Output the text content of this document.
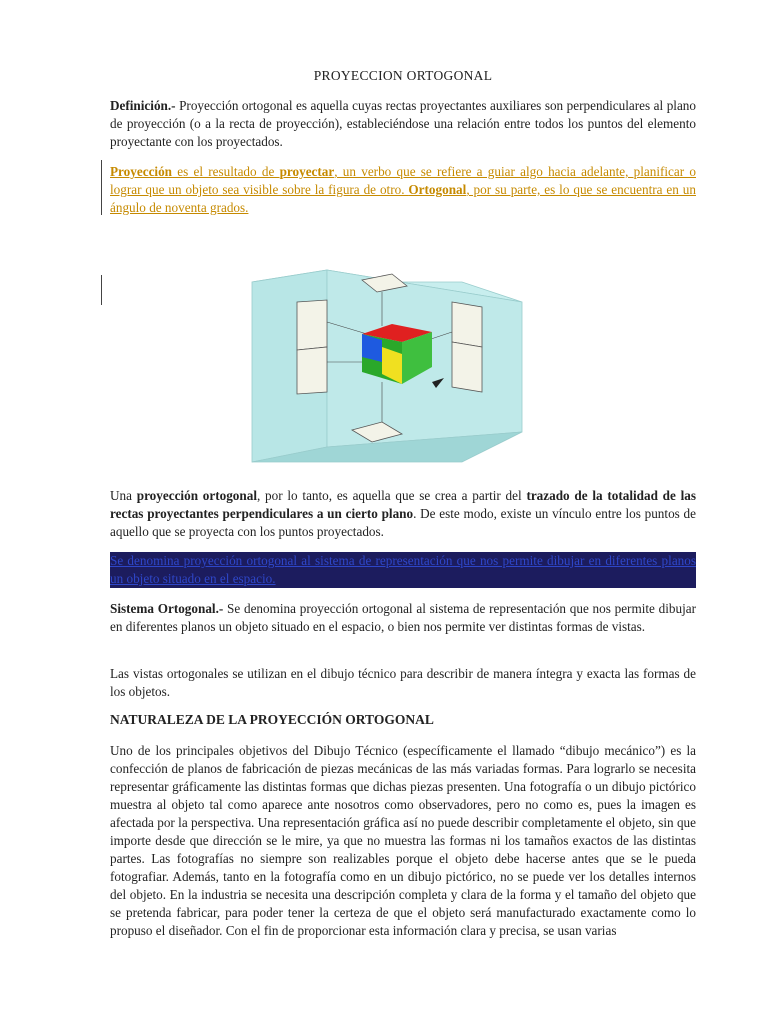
PROYECCION ORTOGONAL

Definición.- Proyección ortogonal es aquella cuyas rectas proyectantes auxiliares son perpendiculares al plano de proyección (o a la recta de proyección), estableciéndose una relación entre todos los puntos del elemento proyectante con los proyectados.

Proyección es el resultado de proyectar, un verbo que se refiere a guiar algo hacia adelante, planificar o lograr que un objeto sea visible sobre la figura de otro. Ortogonal, por su parte, es lo que se encuentra en un ángulo de noventa grados.

Una proyección ortogonal, por lo tanto, es aquella que se crea a partir del trazado de la totalidad de las rectas proyectantes perpendiculares a un cierto plano. De este modo, existe un vínculo entre los puntos de aquello que se proyecta con los puntos proyectados.

Se denomina proyección ortogonal al sistema de representación que nos permite dibujar en diferentes planos un objeto situado en el espacio.

Sistema Ortogonal.- Se denomina proyección ortogonal al sistema de representación que nos permite dibujar en diferentes planos un objeto situado en el espacio, o bien nos permite ver distintas formas de vistas.

Las vistas ortogonales se utilizan en el dibujo técnico para describir de manera íntegra y exacta las formas de los objetos.

NATURALEZA DE LA PROYECCIÓN ORTOGONAL

Uno de los principales objetivos del Dibujo Técnico (específicamente el llamado “dibujo mecánico”) es la confección de planos de fabricación de piezas mecánicas de las más variadas formas. Para lograrlo se necesita representar gráficamente las distintas formas que dichas piezas presenten. Una fotografía o un dibujo pictórico muestra al objeto tal como aparece ante nosotros como observadores, pero no como es, pues la imagen es afectada por la perspectiva. Una representación gráfica así no puede describir completamente el objeto, sin que importe desde que dirección se le mire, ya que no muestra las formas ni los tamaños exactos de las distintas partes. Las fotografías no siempre son realizables porque el objeto debe hacerse antes que se le pueda fotografiar. Además, tanto en la fotografía como en un dibujo pictórico, no se puede ver los detalles internos del objeto. En la industria se necesita una descripción completa y clara de la forma y el tamaño del objeto que se pretenda fabricar, para poder tener la certeza de que el objeto será manufacturado exactamente como lo propuso el diseñador. Con el fin de proporcionar esta información clara y precisa, se usan varias
